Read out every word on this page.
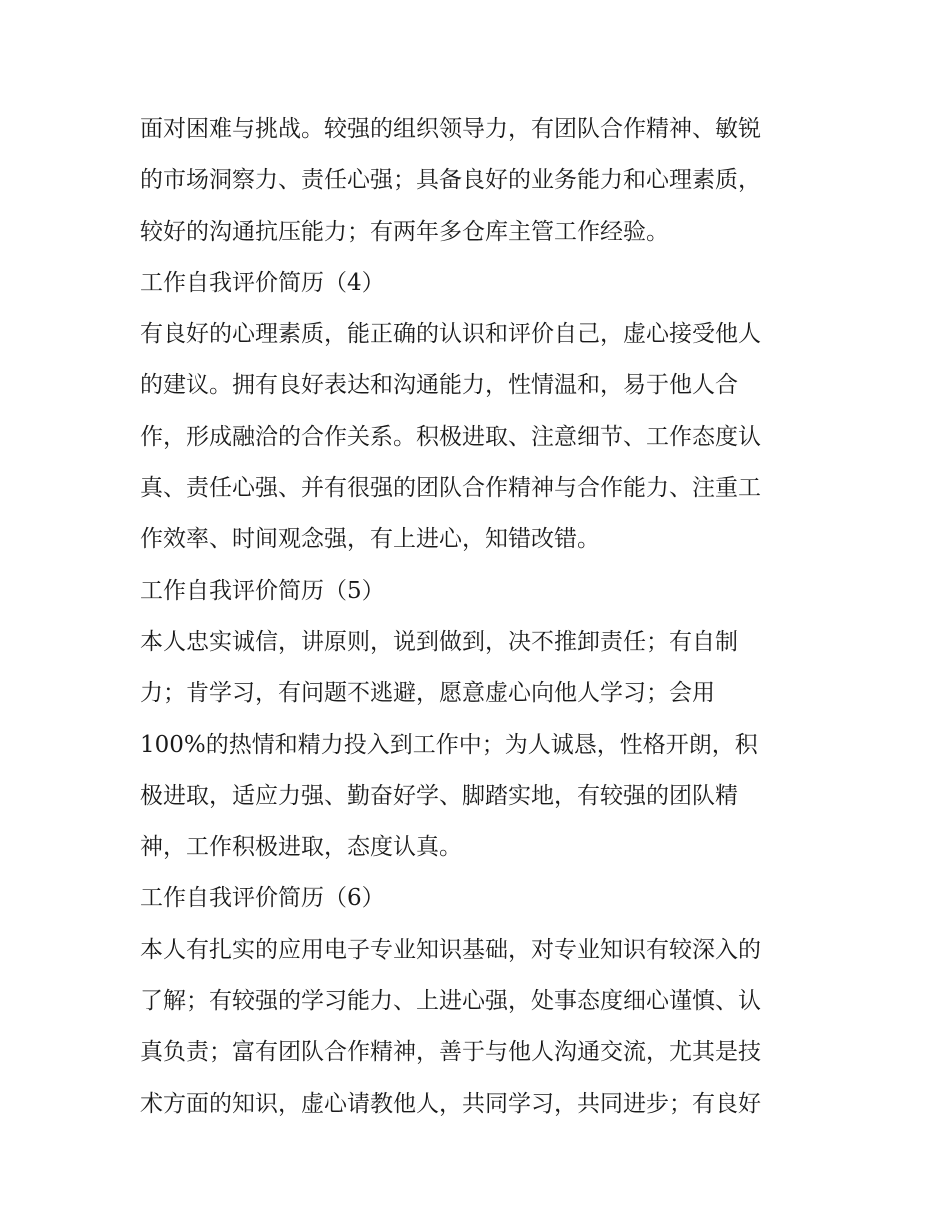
面对困难与挑战。较强的组织领导力，有团队合作精神、敏锐
的市场洞察力、责任心强；具备良好的业务能力和心理素质，
较好的沟通抗压能力；有两年多仓库主管工作经验。
工作自我评价简历（4）
有良好的心理素质，能正确的认识和评价自己，虚心接受他人
的建议。拥有良好表达和沟通能力，性情温和，易于他人合
作，形成融洽的合作关系。积极进取、注意细节、工作态度认
真、责任心强、并有很强的团队合作精神与合作能力、注重工
作效率、时间观念强，有上进心，知错改错。
工作自我评价简历（5）
本人忠实诚信，讲原则，说到做到，决不推卸责任；有自制
力；肯学习，有问题不逃避，愿意虚心向他人学习；会用
100%的热情和精力投入到工作中；为人诚恳，性格开朗，积
极进取，适应力强、勤奋好学、脚踏实地，有较强的团队精
神，工作积极进取，态度认真。
工作自我评价简历（6）
本人有扎实的应用电子专业知识基础，对专业知识有较深入的
了解；有较强的学习能力、上进心强，处事态度细心谨慎、认
真负责；富有团队合作精神，善于与他人沟通交流，尤其是技
术方面的知识，虚心请教他人，共同学习，共同进步；有良好
